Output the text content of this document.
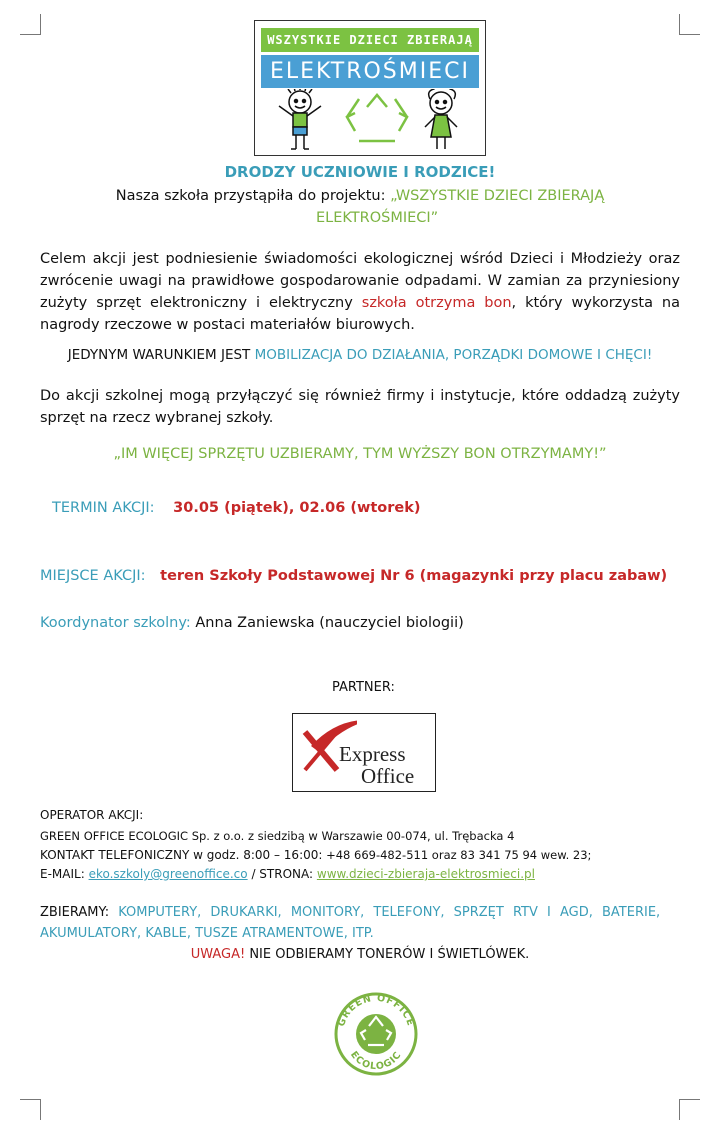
WSZYSTKIE DZIECI ZBIERAJĄ
ELEKTROŚMIECI
DRODZY UCZNIOWIE I RODZICE!
Nasza szkoła przystąpiła do projektu: „WSZYSTKIE DZIECI ZBIERAJĄ
ELEKTROŚMIECI”
Celem akcji jest podniesienie świadomości ekologicznej wśród Dzieci i Młodzieży oraz zwrócenie uwagi na prawidłowe gospodarowanie odpadami. W zamian za przyniesiony zużyty sprzęt elektroniczny i elektryczny szkoła otrzyma bon, który wykorzysta na nagrody rzeczowe w postaci materiałów biurowych.
JEDYNYM WARUNKIEM JEST MOBILIZACJA DO DZIAŁANIA, PORZĄDKI DOMOWE I CHĘCI!
Do akcji szkolnej mogą przyłączyć się również firmy i instytucje, które oddadzą zużyty sprzęt na rzecz wybranej szkoły.
„IM WIĘCEJ SPRZĘTU UZBIERAMY, TYM WYŻSZY BON OTRZYMAMY!”
TERMIN AKCJI: 30.05 (piątek), 02.06 (wtorek)
MIEJSCE AKCJI: teren Szkoły Podstawowej Nr 6 (magazynki przy placu zabaw)
Koordynator szkolny: Anna Zaniewska (nauczyciel biologii)
PARTNER:
Express
Office
OPERATOR AKCJI:
GREEN OFFICE ECOLOGIC Sp. z o.o. z siedzibą w Warszawie 00-074, ul. Trębacka 4
KONTAKT TELEFONICZNY w godz. 8:00 – 16:00: +48 669-482-511 oraz 83 341 75 94 wew. 23;
E-MAIL: eko.szkoly@greenoffice.co / STRONA: www.dzieci-zbieraja-elektrosmieci.pl
ZBIERAMY: KOMPUTERY, DRUKARKI, MONITORY, TELEFONY, SPRZĘT RTV I AGD, BATERIE,
AKUMULATORY, KABLE, TUSZE ATRAMENTOWE, ITP.
UWAGA! NIE ODBIERAMY TONERÓW I ŚWIETLÓWEK.
GREEN OFFICE
ECOLOGIC
